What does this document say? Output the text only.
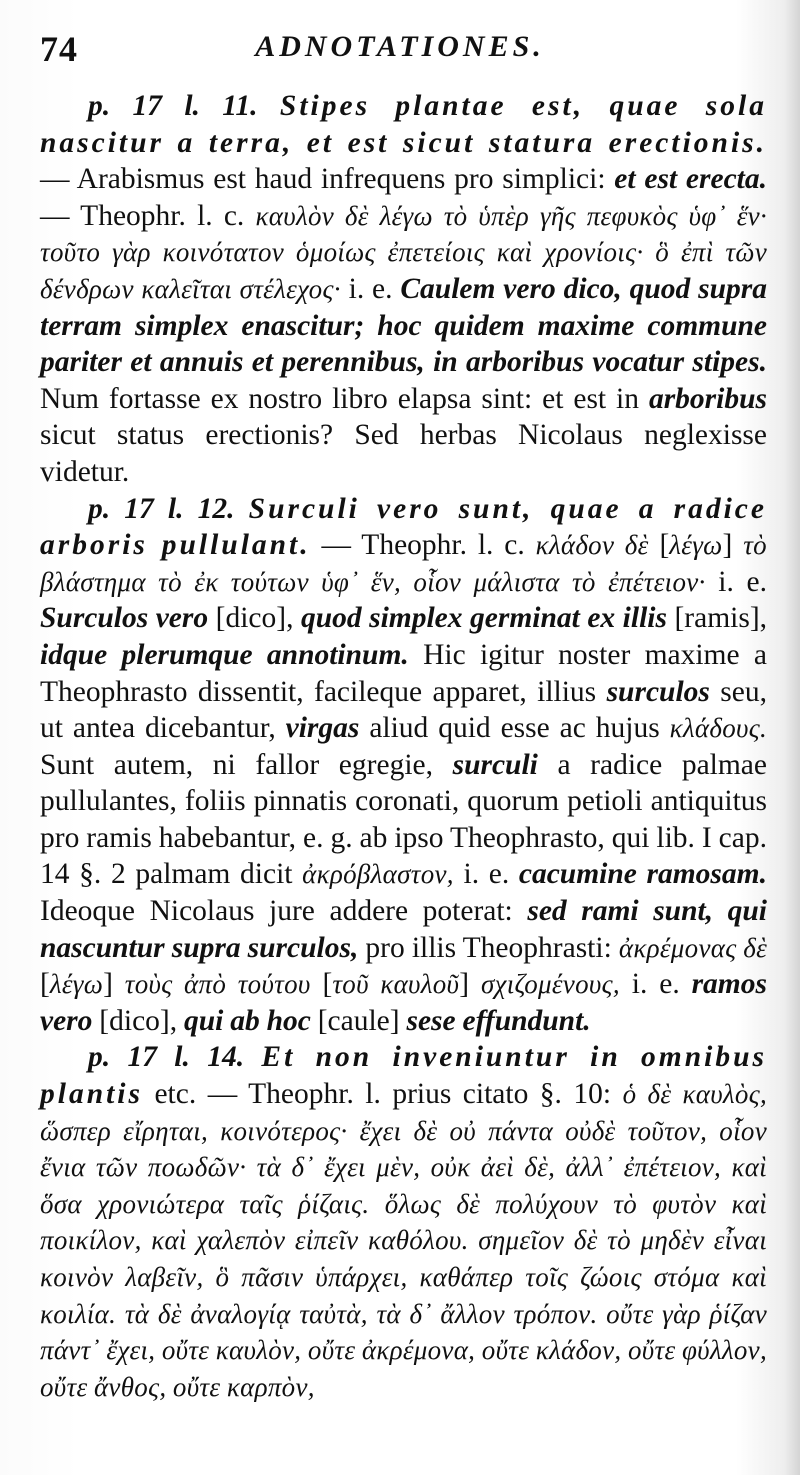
74	ADNOTATIONES.

p. 17 l. 11. Stipes plantae est, quae sola nascitur a terra, et est sicut statura erectionis. — Arabismus est haud infrequens pro simplici: et est erecta. — Theophr. l. c. καυλὸν δὲ λέγω τὸ ὑπὲρ γῆς πεφυκὸς ὑφ᾽ ἕν· τοῦτο γὰρ κοινότατον ὁμοίως ἐπετείοις καὶ χρονίοις· ὃ ἐπὶ τῶν δένδρων καλεῖται στέλεχος· i. e. Caulem vero dico, quod supra terram simplex enascitur; hoc quidem maxime commune pariter et annuis et perennibus, in arboribus vocatur stipes. Num fortasse ex nostro libro elapsa sint: et est in arboribus sicut status erectionis? Sed herbas Nicolaus neglexisse videtur.

p. 17 l. 12. Surculi vero sunt, quae a radice arboris pullulant. — Theophr. l. c. κλάδον δὲ [λέγω] τὸ βλάστημα τὸ ἐκ τούτων ὑφ᾽ ἕν, οἷον μάλιστα τὸ ἐπέτειον· i. e. Surculos vero [dico], quod simplex germinat ex illis [ramis], idque plerumque annotinum. Hic igitur noster maxime a Theophrasto dissentit, facileque apparet, illius surculos seu, ut antea dicebantur, virgas aliud quid esse ac hujus κλάδους. Sunt autem, ni fallor egregie, surculi a radice palmae pullulantes, foliis pinnatis coronati, quorum petioli antiquitus pro ramis habebantur, e. g. ab ipso Theophrasto, qui lib. I cap. 14 §. 2 palmam dicit ἀκρόβλαστον, i. e. cacumine ramosam. Ideoque Nicolaus jure addere poterat: sed rami sunt, qui nascuntur supra surculos, pro illis Theophrasti: ἀκρέμονας δὲ [λέγω] τοὺς ἀπὸ τούτου [τοῦ καυλοῦ] σχιζομένους, i. e. ramos vero [dico], qui ab hoc [caule] sese effundunt.

p. 17 l. 14. Et non inveniuntur in omnibus plantis etc. — Theophr. l. prius citato §. 10: ὁ δὲ καυλὸς, ὥσπερ εἴρηται, κοινότερος· ἔχει δὲ οὐ πάντα οὐδὲ τοῦτον, οἷον ἔνια τῶν ποωδῶν· τὰ δ᾽ ἔχει μὲν, οὐκ ἀεὶ δὲ, ἀλλ᾽ ἐπέτειον, καὶ ὅσα χρονιώτερα ταῖς ῥίζαις. ὅλως δὲ πολύχουν τὸ φυτὸν καὶ ποικίλον, καὶ χαλεπὸν εἰπεῖν καθόλου. σημεῖον δὲ τὸ μηδὲν εἶναι κοινὸν λαβεῖν, ὃ πᾶσιν ὑπάρχει, καθάπερ τοῖς ζώοις στόμα καὶ κοιλία. τὰ δὲ ἀναλογίᾳ ταὐτὰ, τὰ δ᾽ ἄλλον τρόπον. οὔτε γὰρ ῥίζαν πάντ᾽ ἔχει, οὔτε καυλὸν, οὔτε ἀκρέμονα, οὔτε κλάδον, οὔτε φύλλον, οὔτε ἄνθος, οὔτε καρπὸν,
